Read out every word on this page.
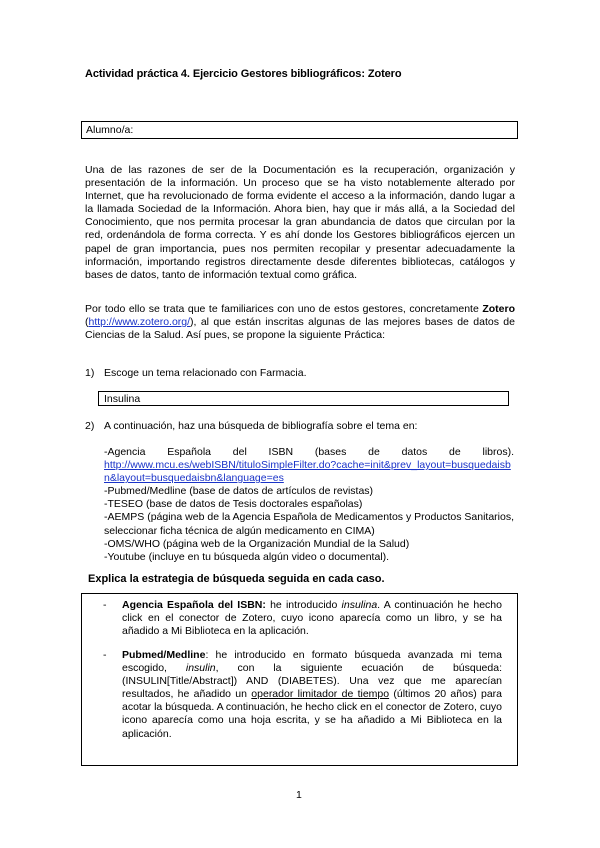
Actividad práctica 4. Ejercicio Gestores bibliográficos: Zotero
Alumno/a:

Una de las razones de ser de la Documentación es la recuperación, organización y presentación de la información. Un proceso que se ha visto notablemente alterado por Internet, que ha revolucionado de forma evidente el acceso a la información, dando lugar a la llamada Sociedad de la Información. Ahora bien, hay que ir más allá, a la Sociedad del Conocimiento, que nos permita procesar la gran abundancia de datos que circulan por la red, ordenándola de forma correcta. Y es ahí donde los Gestores bibliográficos ejercen un papel de gran importancia, pues nos permiten recopilar y presentar adecuadamente la información, importando registros directamente desde diferentes bibliotecas, catálogos y bases de datos, tanto de información textual como gráfica.

Por todo ello se trata que te familiarices con uno de estos gestores, concretamente Zotero (http://www.zotero.org/), al que están inscritas algunas de las mejores bases de datos de Ciencias de la Salud. Así pues, se propone la siguiente Práctica:

1) Escoge un tema relacionado con Farmacia.
Insulina
2) A continuación, haz una búsqueda de bibliografía sobre el tema en:
-Agencia Española del ISBN (bases de datos de libros).
http://www.mcu.es/webISBN/tituloSimpleFilter.do?cache=init&prev_layout=busquedaisbn&layout=busquedaisbn&language=es
-Pubmed/Medline (base de datos de artículos de revistas)
-TESEO (base de datos de Tesis doctorales españolas)
-AEMPS (página web de la Agencia Española de Medicamentos y Productos Sanitarios, seleccionar ficha técnica de algún medicamento en CIMA)
-OMS/WHO (página web de la Organización Mundial de la Salud)
-Youtube (incluye en tu búsqueda algún video o documental).
Explica la estrategia de búsqueda seguida en cada caso.
- Agencia Española del ISBN: he introducido insulina. A continuación he hecho click en el conector de Zotero, cuyo icono aparecía como un libro, y se ha añadido a Mi Biblioteca en la aplicación.
- Pubmed/Medline: he introducido en formato búsqueda avanzada mi tema escogido, insulin, con la siguiente ecuación de búsqueda: (INSULIN[Title/Abstract]) AND (DIABETES). Una vez que me aparecían resultados, he añadido un operador limitador de tiempo (últimos 20 años) para acotar la búsqueda. A continuación, he hecho click en el conector de Zotero, cuyo icono aparecía como una hoja escrita, y se ha añadido a Mi Biblioteca en la aplicación.
1
